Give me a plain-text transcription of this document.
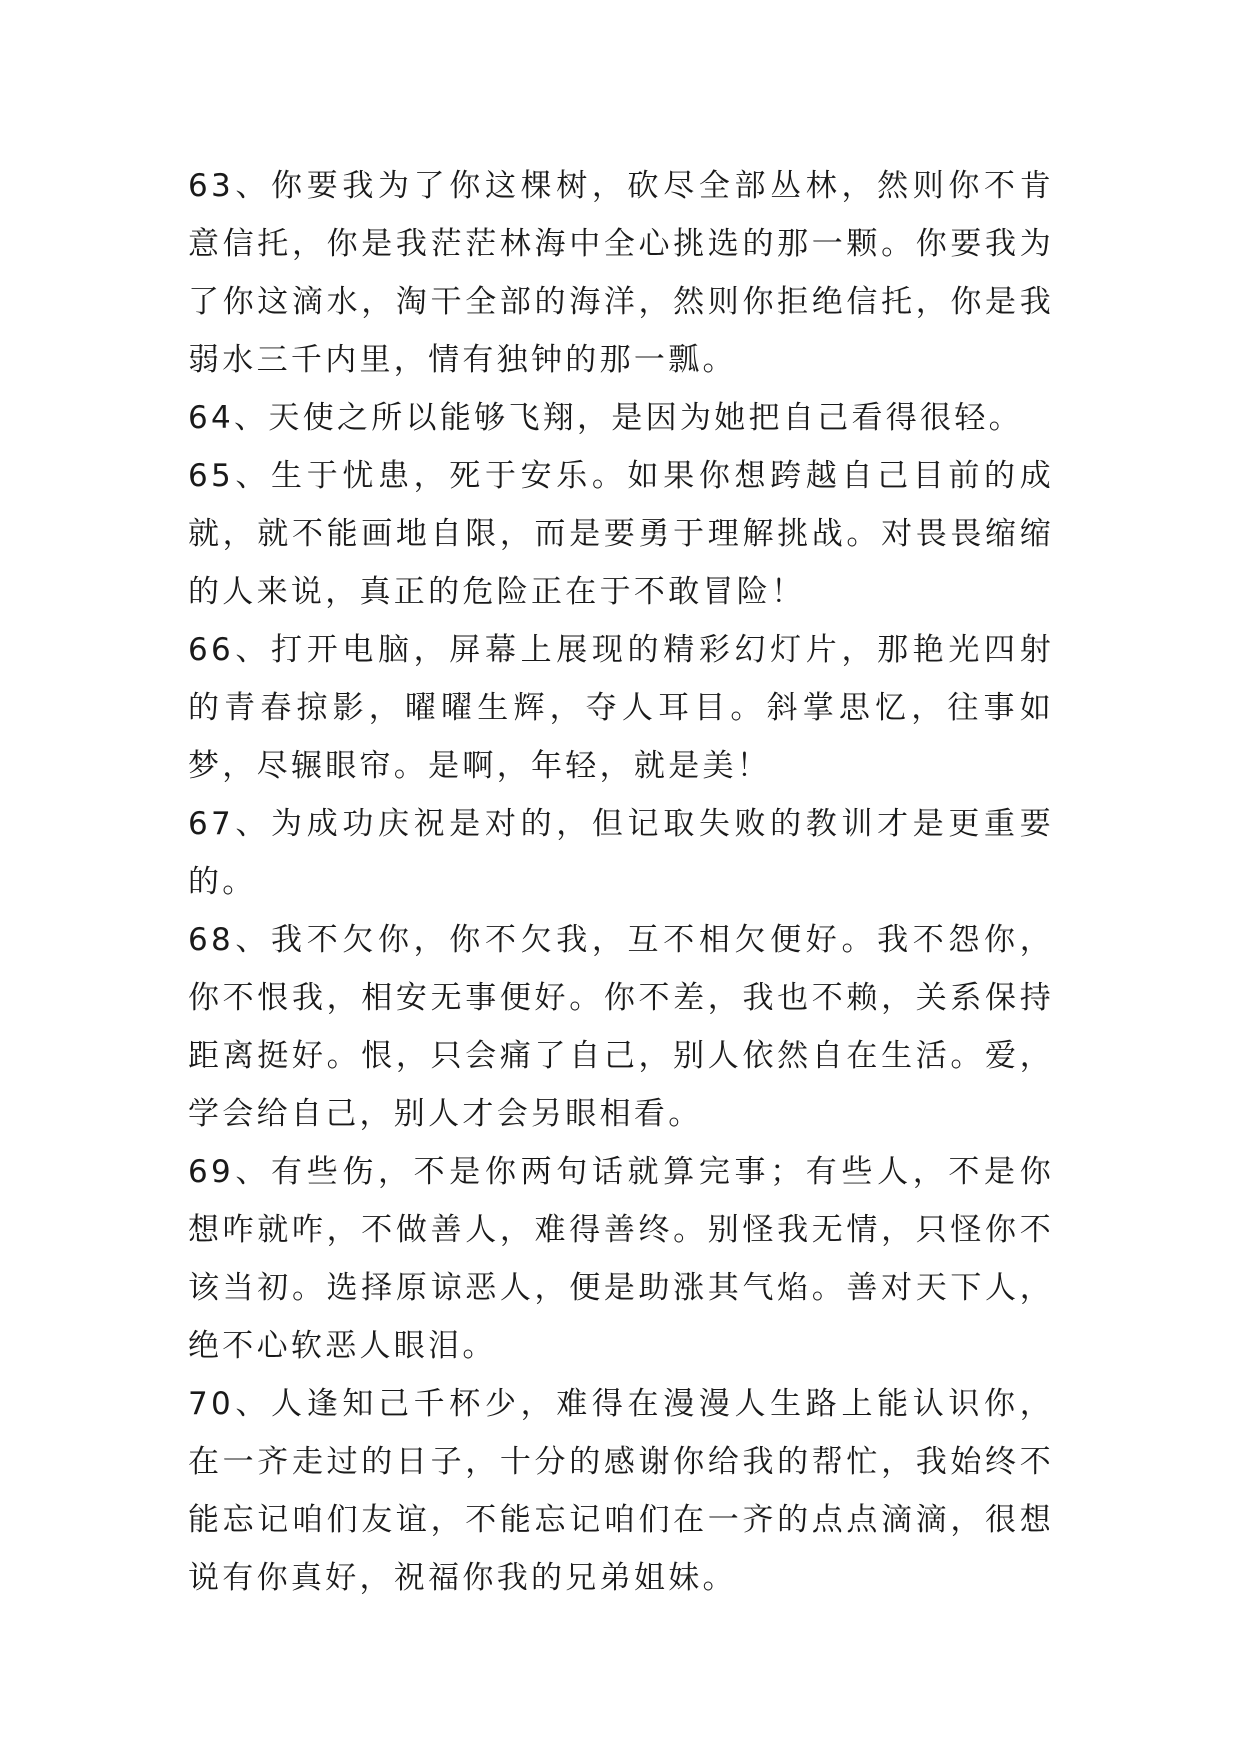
63、你要我为了你这棵树，砍尽全部丛林，然则你不肯意信托，你是我茫茫林海中全心挑选的那一颗。你要我为了你这滴水，淘干全部的海洋，然则你拒绝信托，你是我弱水三千内里，情有独钟的那一瓢。

64、天使之所以能够飞翔，是因为她把自己看得很轻。

65、生于忧患，死于安乐。如果你想跨越自己目前的成就，就不能画地自限，而是要勇于理解挑战。对畏畏缩缩的人来说，真正的危险正在于不敢冒险！

66、打开电脑，屏幕上展现的精彩幻灯片，那艳光四射的青春掠影，曜曜生辉，夺人耳目。斜掌思忆，往事如梦，尽辗眼帘。是啊，年轻，就是美！

67、为成功庆祝是对的，但记取失败的教训才是更重要的。

68、我不欠你，你不欠我，互不相欠便好。我不怨你，你不恨我，相安无事便好。你不差，我也不赖，关系保持距离挺好。恨，只会痛了自己，别人依然自在生活。爱，学会给自己，别人才会另眼相看。

69、有些伤，不是你两句话就算完事；有些人，不是你想咋就咋，不做善人，难得善终。别怪我无情，只怪你不该当初。选择原谅恶人，便是助涨其气焰。善对天下人，绝不心软恶人眼泪。

70、人逢知己千杯少，难得在漫漫人生路上能认识你，在一齐走过的日子，十分的感谢你给我的帮忙，我始终不能忘记咱们友谊，不能忘记咱们在一齐的点点滴滴，很想说有你真好，祝福你我的兄弟姐妹。
